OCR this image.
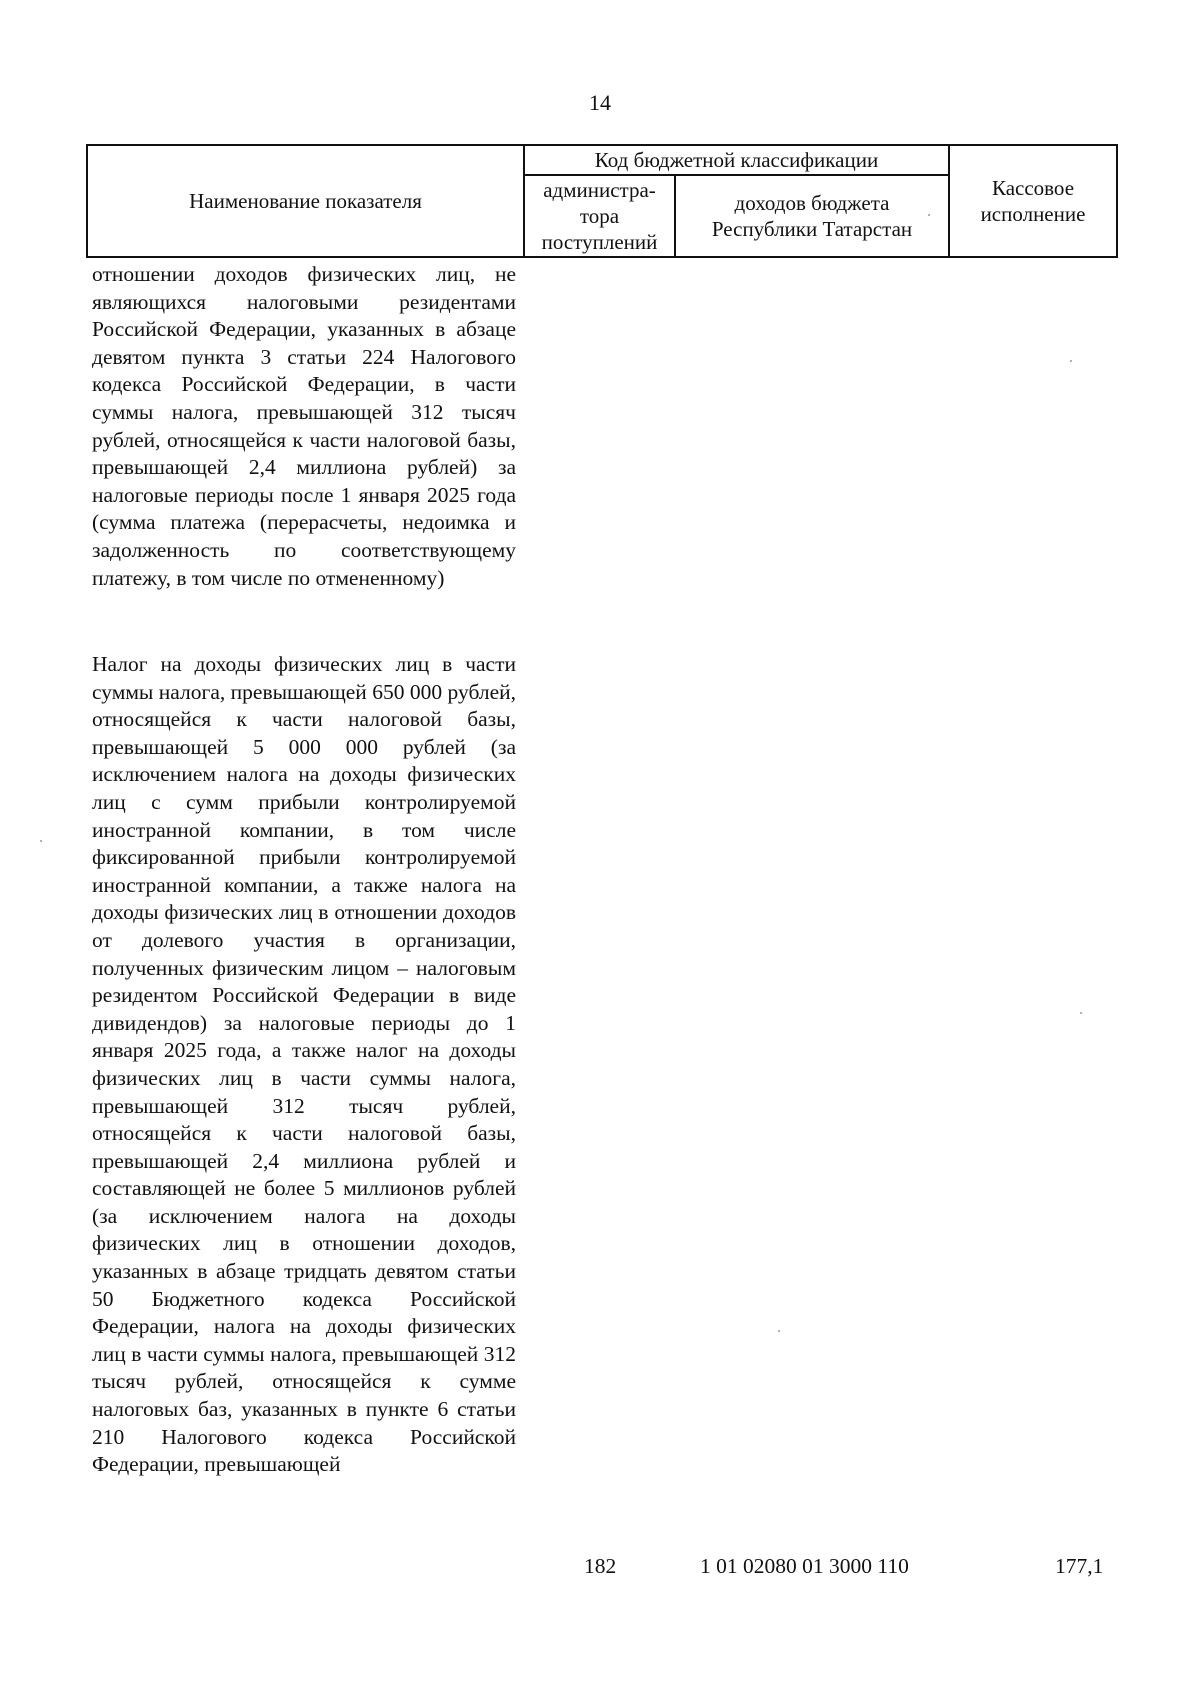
14
Наименование показателя
Код бюджетной классификации
администра-
тора
поступлений
доходов бюджета
Республики Татарстан
Кассовое
исполнение
отношении доходов физических лиц, не являющихся налоговыми резидентами Российской Федерации, указанных в абзаце девятом пункта 3 статьи 224 Налогового кодекса Российской Федерации, в части суммы налога, превышающей 312 тысяч рублей, относящейся к части налоговой базы, превышающей 2,4 миллиона рублей) за налоговые периоды после 1 января 2025 года (сумма платежа (перерасчеты, недоимка и задолженность по соответствующему платежу, в том числе по отмененному)
Налог на доходы физических лиц в части суммы налога, превышающей 650 000 рублей, относящейся к части налоговой базы, превышающей 5 000 000 рублей (за исключением налога на доходы физических лиц с сумм прибыли контролируемой иностранной компании, в том числе фиксированной прибыли контролируемой иностранной компании, а также налога на доходы физических лиц в отношении доходов от долевого участия в организации, полученных физическим лицом – налоговым резидентом Российской Федерации в виде дивидендов) за налоговые периоды до 1 января 2025 года, а также налог на доходы физических лиц в части суммы налога, превышающей 312 тысяч рублей, относящейся к части налоговой базы, превышающей 2,4 миллиона рублей и составляющей не более 5 миллионов рублей (за исключением налога на доходы физических лиц в отношении доходов, указанных в абзаце тридцать девятом статьи 50 Бюджетного кодекса Российской Федерации, налога на доходы физических лиц в части суммы налога, превышающей 312 тысяч рублей, относящейся к сумме налоговых баз, указанных в пункте 6 статьи 210 Налогового кодекса Российской Федерации, превышающей
182	1 01 02080 01 3000 110	177,1
